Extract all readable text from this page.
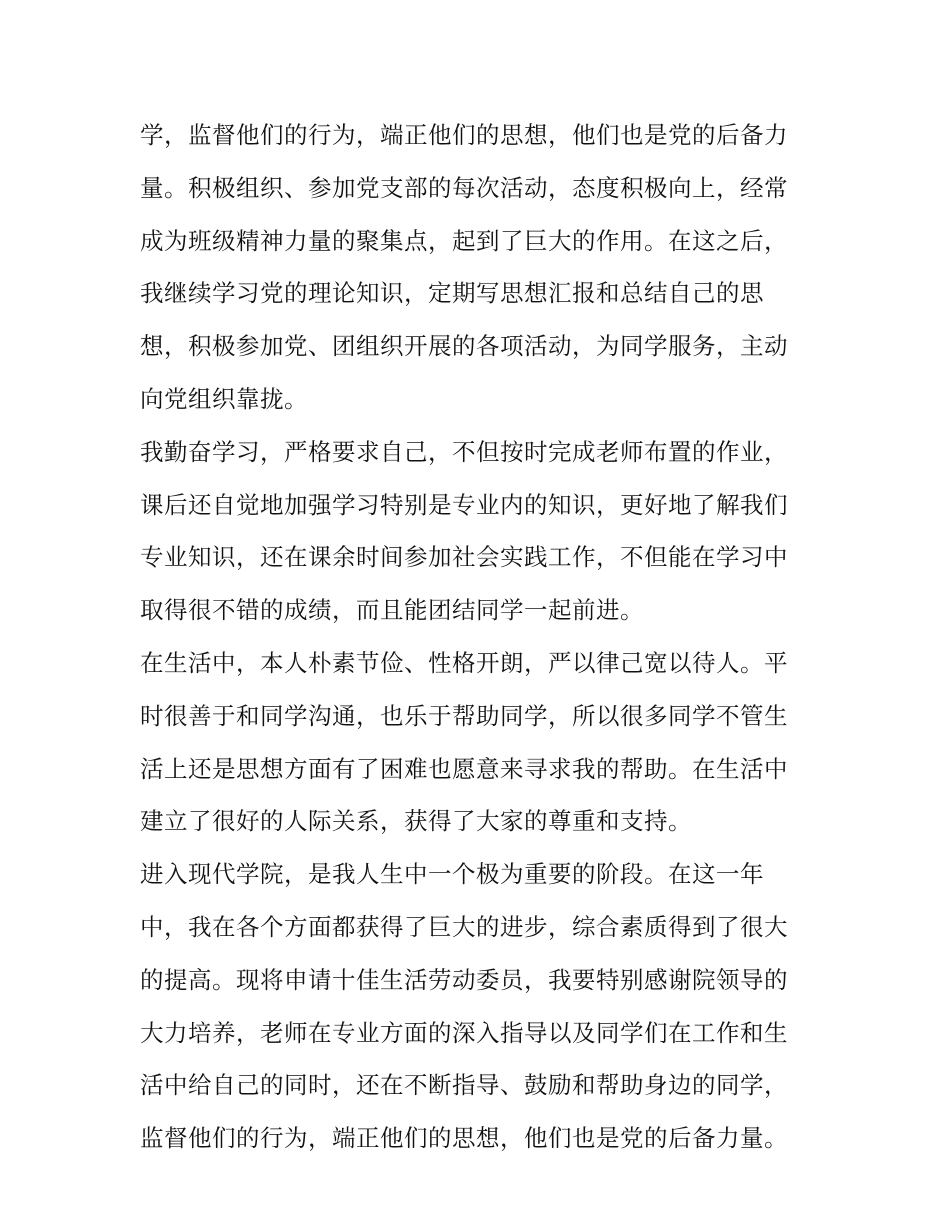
学，监督他们的行为，端正他们的思想，他们也是党的后备力
量。积极组织、参加党支部的每次活动，态度积极向上，经常
成为班级精神力量的聚集点，起到了巨大的作用。在这之后，
我继续学习党的理论知识，定期写思想汇报和总结自己的思
想，积极参加党、团组织开展的各项活动，为同学服务，主动
向党组织靠拢。
我勤奋学习，严格要求自己，不但按时完成老师布置的作业，
课后还自觉地加强学习特别是专业内的知识，更好地了解我们
专业知识，还在课余时间参加社会实践工作，不但能在学习中
取得很不错的成绩，而且能团结同学一起前进。
在生活中，本人朴素节俭、性格开朗，严以律己宽以待人。平
时很善于和同学沟通，也乐于帮助同学，所以很多同学不管生
活上还是思想方面有了困难也愿意来寻求我的帮助。在生活中
建立了很好的人际关系，获得了大家的尊重和支持。
进入现代学院，是我人生中一个极为重要的阶段。在这一年
中，我在各个方面都获得了巨大的进步，综合素质得到了很大
的提高。现将申请十佳生活劳动委员，我要特别感谢院领导的
大力培养，老师在专业方面的深入指导以及同学们在工作和生
活中给自己的同时，还在不断指导、鼓励和帮助身边的同学，
监督他们的行为，端正他们的思想，他们也是党的后备力量。
